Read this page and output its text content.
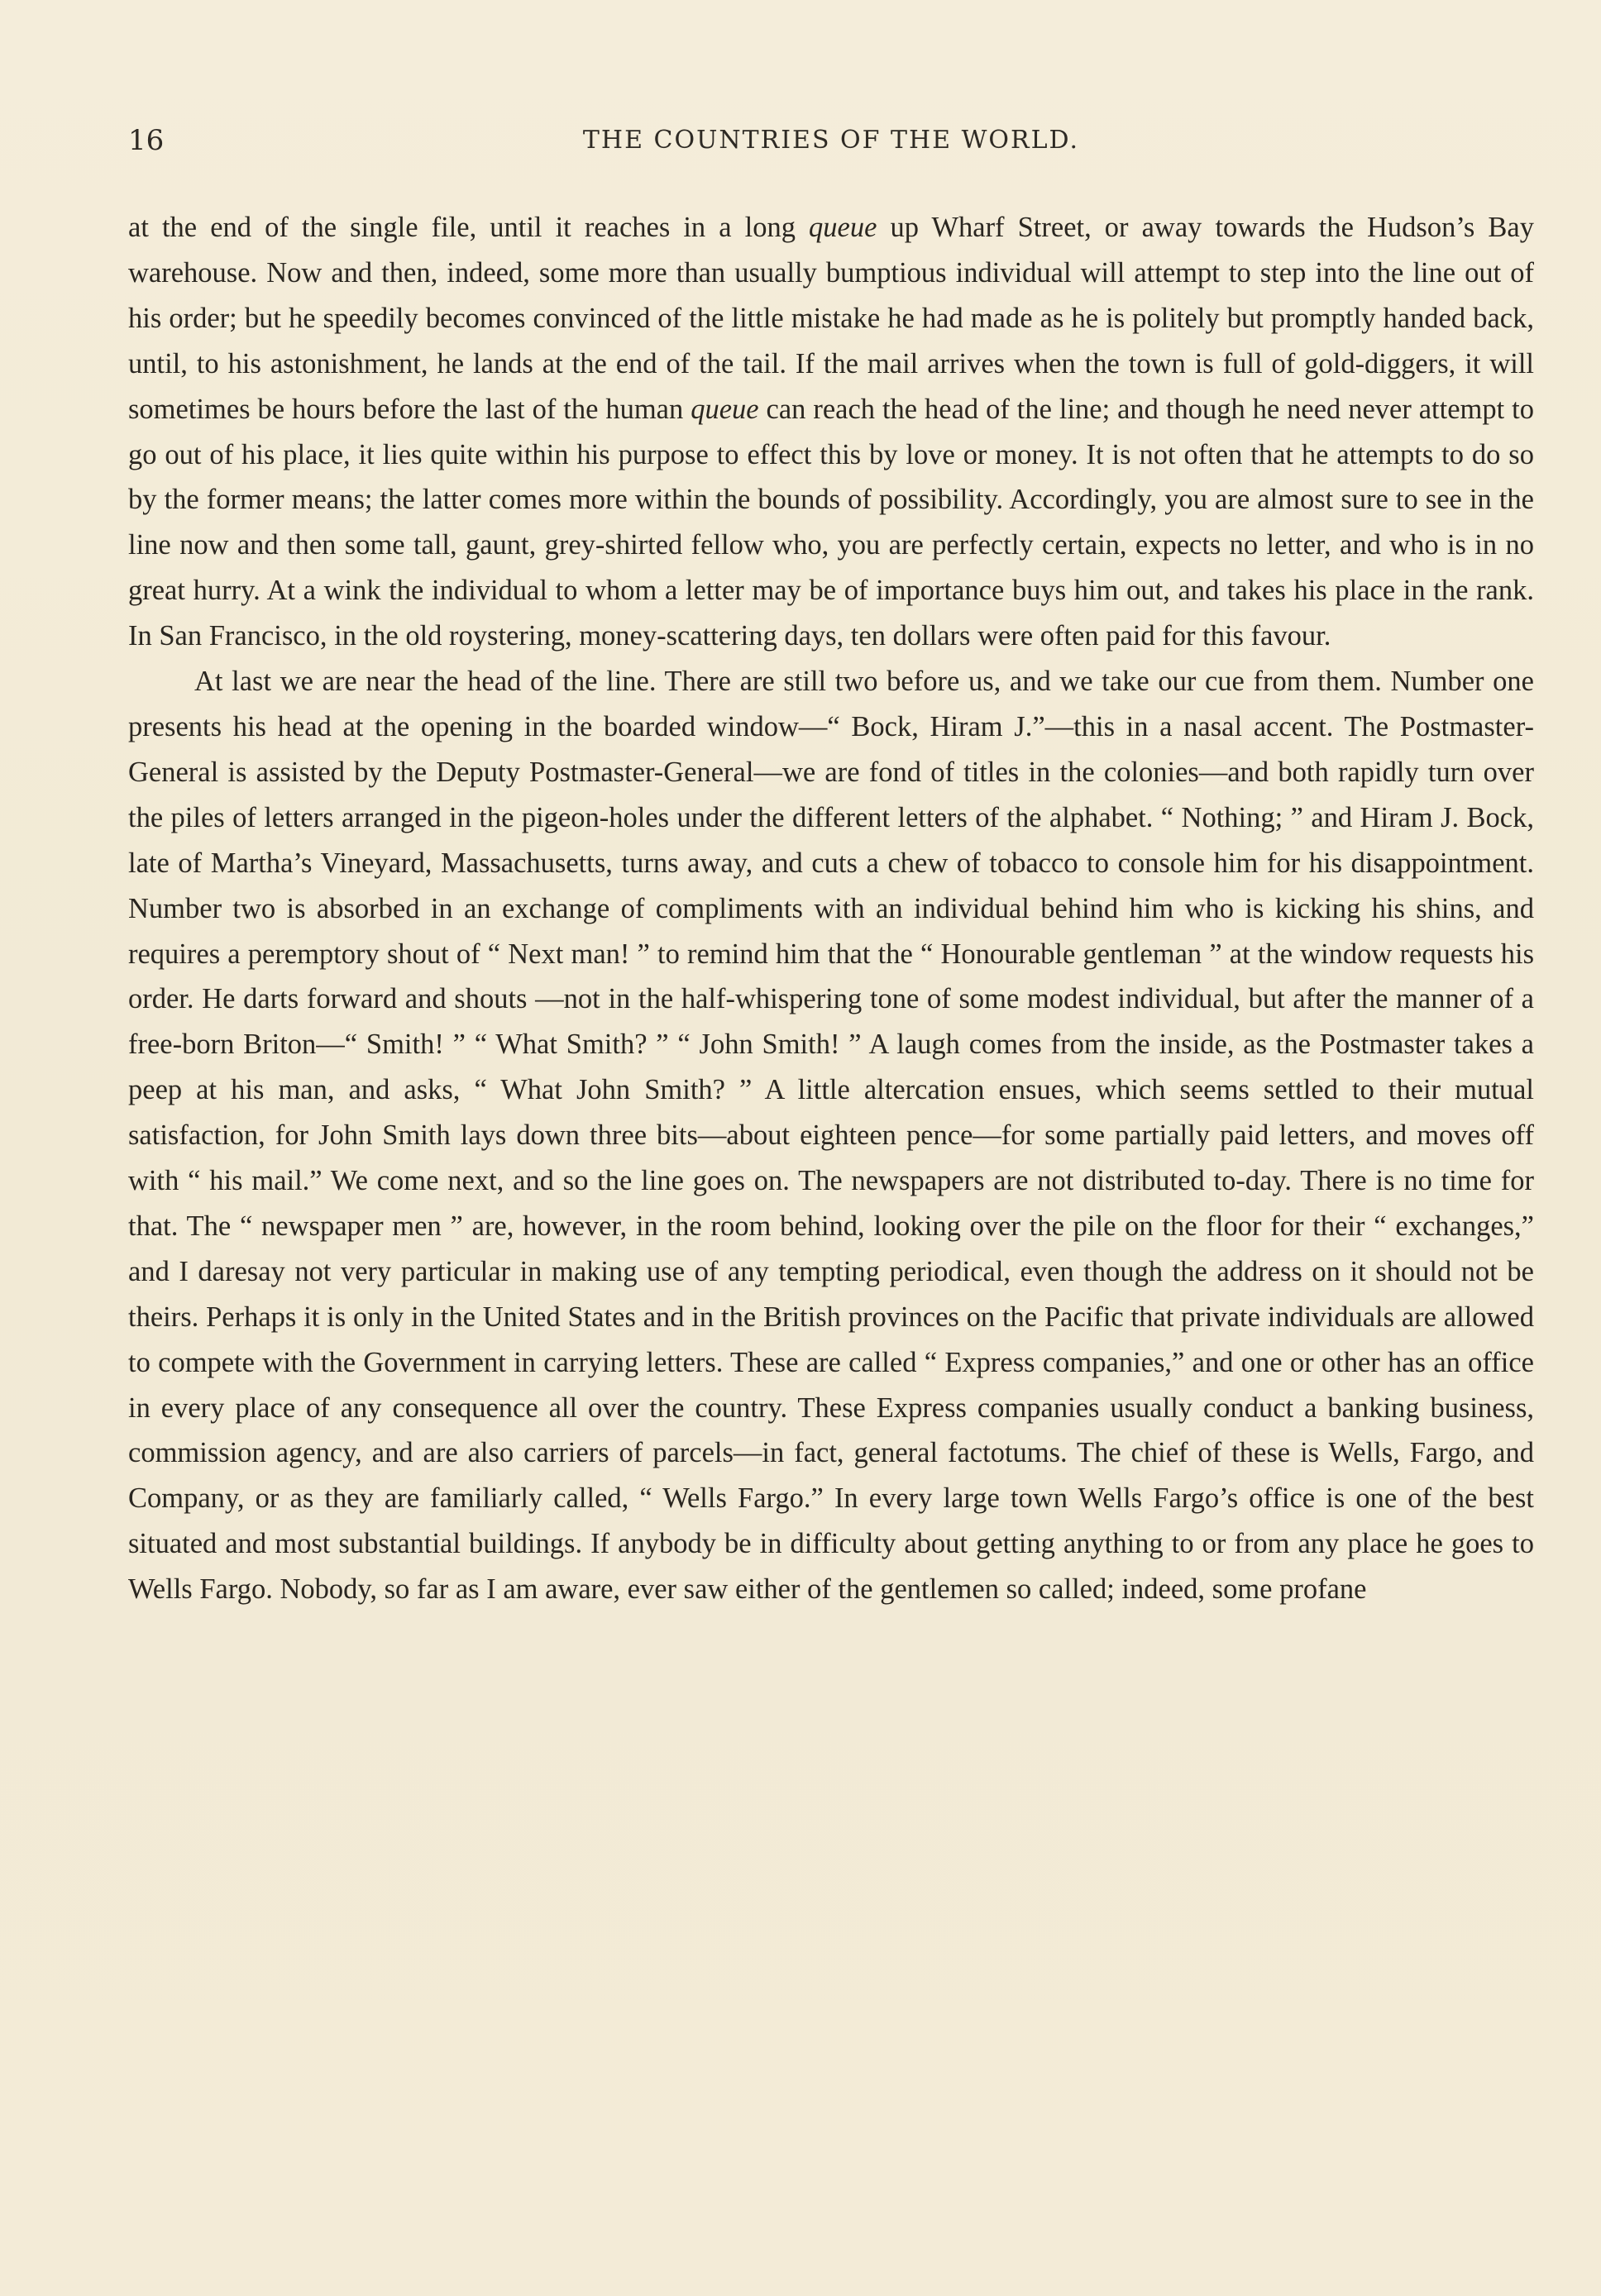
16	THE COUNTRIES OF THE WORLD.

at the end of the single file, until it reaches in a long queue up Wharf Street, or away towards the Hudson’s Bay warehouse. Now and then, indeed, some more than usually bumptious individual will attempt to step into the line out of his order; but he speedily becomes convinced of the little mistake he had made as he is politely but promptly handed back, until, to his astonishment, he lands at the end of the tail. If the mail arrives when the town is full of gold-diggers, it will sometimes be hours before the last of the human queue can reach the head of the line; and though he need never attempt to go out of his place, it lies quite within his purpose to effect this by love or money. It is not often that he attempts to do so by the former means; the latter comes more within the bounds of possibility. Accordingly, you are almost sure to see in the line now and then some tall, gaunt, grey-shirted fellow who, you are perfectly certain, expects no letter, and who is in no great hurry. At a wink the individual to whom a letter may be of importance buys him out, and takes his place in the rank. In San Francisco, in the old roystering, money-scattering days, ten dollars were often paid for this favour.

At last we are near the head of the line. There are still two before us, and we take our cue from them. Number one presents his head at the opening in the boarded window—“ Bock, Hiram J.”—this in a nasal accent. The Postmaster-General is assisted by the Deputy Postmaster-General—we are fond of titles in the colonies—and both rapidly turn over the piles of letters arranged in the pigeon-holes under the different letters of the alphabet. “ Nothing; ” and Hiram J. Bock, late of Martha’s Vineyard, Massachusetts, turns away, and cuts a chew of tobacco to console him for his disappointment. Number two is absorbed in an exchange of compliments with an individual behind him who is kicking his shins, and requires a peremptory shout of “ Next man! ” to remind him that the “ Honourable gentleman ” at the window requests his order. He darts forward and shouts —not in the half-whispering tone of some modest individual, but after the manner of a free-born Briton—“ Smith! ” “ What Smith? ” “ John Smith! ” A laugh comes from the inside, as the Postmaster takes a peep at his man, and asks, “ What John Smith? ” A little altercation ensues, which seems settled to their mutual satisfaction, for John Smith lays down three bits—about eighteen pence—for some partially paid letters, and moves off with “ his mail.” We come next, and so the line goes on. The newspapers are not distributed to-day. There is no time for that. The “ newspaper men ” are, however, in the room behind, looking over the pile on the floor for their “ exchanges,” and I daresay not very particular in making use of any tempting periodical, even though the address on it should not be theirs. Perhaps it is only in the United States and in the British provinces on the Pacific that private individuals are allowed to compete with the Government in carrying letters. These are called “ Express companies,” and one or other has an office in every place of any consequence all over the country. These Express companies usually conduct a banking business, commission agency, and are also carriers of parcels—in fact, general factotums. The chief of these is Wells, Fargo, and Company, or as they are familiarly called, “ Wells Fargo.” In every large town Wells Fargo’s office is one of the best situated and most substantial buildings. If anybody be in difficulty about getting anything to or from any place he goes to Wells Fargo. Nobody, so far as I am aware, ever saw either of the gentlemen so called; indeed, some profane
